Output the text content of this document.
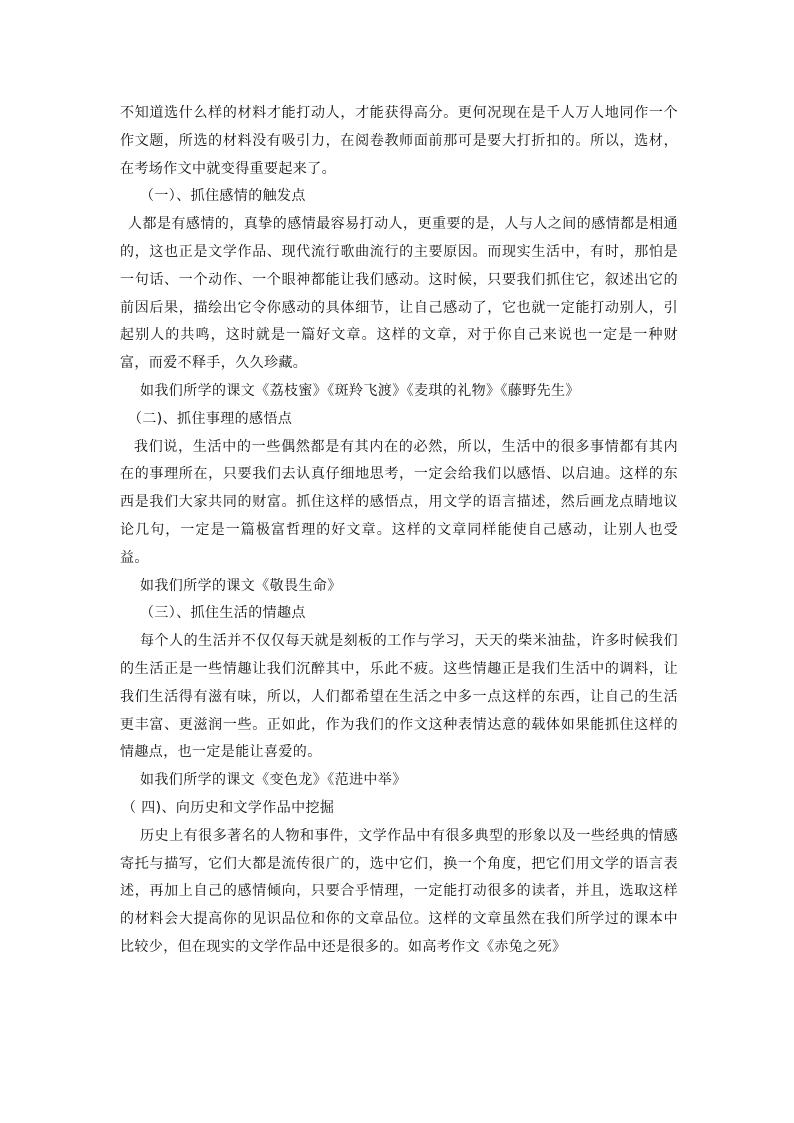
不知道选什么样的材料才能打动人，才能获得高分。更何况现在是千人万人地同作一个作文题，所选的材料没有吸引力，在阅卷教师面前那可是要大打折扣的。所以，选材，在考场作文中就变得重要起来了。

（一）、抓住感情的触发点

人都是有感情的，真挚的感情最容易打动人，更重要的是，人与人之间的感情都是相通的，这也正是文学作品、现代流行歌曲流行的主要原因。而现实生活中，有时，那怕是一句话、一个动作、一个眼神都能让我们感动。这时候，只要我们抓住它，叙述出它的前因后果，描绘出它令你感动的具体细节，让自己感动了，它也就一定能打动别人，引起别人的共鸣，这时就是一篇好文章。这样的文章，对于你自己来说也一定是一种财富，而爱不释手，久久珍藏。

如我们所学的课文《荔枝蜜》《斑羚飞渡》《麦琪的礼物》《藤野先生》

（二)、抓住事理的感悟点

我们说，生活中的一些偶然都是有其内在的必然，所以，生活中的很多事情都有其内在的事理所在，只要我们去认真仔细地思考，一定会给我们以感悟、以启迪。这样的东西是我们大家共同的财富。抓住这样的感悟点，用文学的语言描述，然后画龙点睛地议论几句，一定是一篇极富哲理的好文章。这样的文章同样能使自己感动，让别人也受益。

如我们所学的课文《敬畏生命》

（三）、抓住生活的情趣点

每个人的生活并不仅仅每天就是刻板的工作与学习，天天的柴米油盐，许多时候我们的生活正是一些情趣让我们沉醉其中，乐此不疲。这些情趣正是我们生活中的调料，让我们生活得有滋有味，所以，人们都希望在生活之中多一点这样的东西，让自己的生活更丰富、更滋润一些。正如此，作为我们的作文这种表情达意的载体如果能抓住这样的情趣点，也一定是能让喜爱的。

如我们所学的课文《变色龙》《范进中举》

（ 四)、向历史和文学作品中挖掘

历史上有很多著名的人物和事件，文学作品中有很多典型的形象以及一些经典的情感寄托与描写，它们大都是流传很广的，选中它们，换一个角度，把它们用文学的语言表述，再加上自己的感情倾向，只要合乎情理，一定能打动很多的读者，并且，选取这样的材料会大提高你的见识品位和你的文章品位。这样的文章虽然在我们所学过的课本中比较少，但在现实的文学作品中还是很多的。如高考作文《赤兔之死》
